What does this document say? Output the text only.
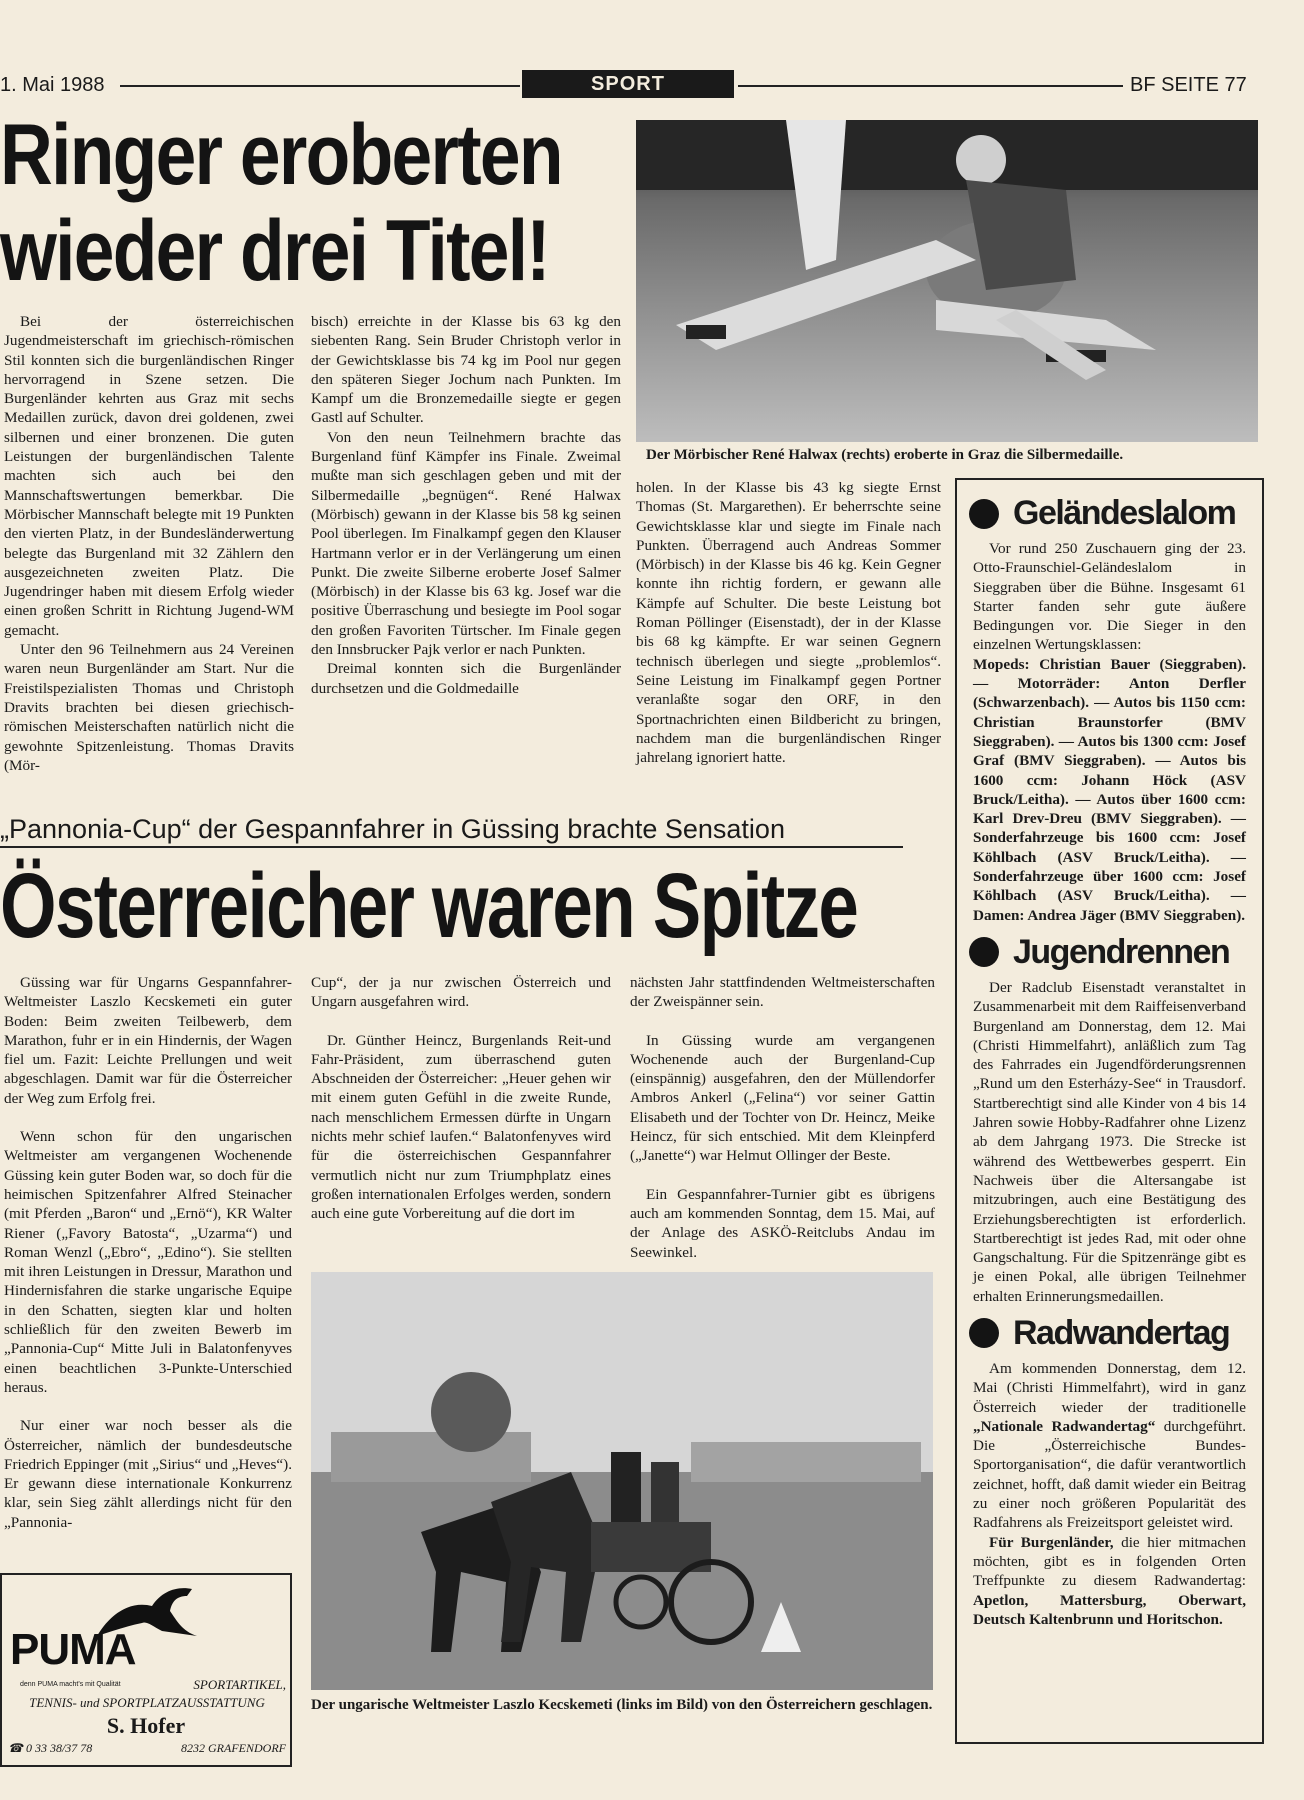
1. Mai 1988	SPORT	BF SEITE 77
Ringer eroberten
wieder drei Titel!

Bei der österreichischen Jugendmeisterschaft im griechisch-römischen Stil konnten sich die burgenländischen Ringer hervorragend in Szene setzen. Die Burgenländer kehrten aus Graz mit sechs Medaillen zurück, davon drei goldenen, zwei silbernen und einer bronzenen. Die guten Leistungen der burgenländischen Talente machten sich auch bei den Mannschaftswertungen bemerkbar. Die Mörbischer Mannschaft belegte mit 19 Punkten den vierten Platz, in der Bundesländerwertung belegte das Burgenland mit 32 Zählern den ausgezeichneten zweiten Platz. Die Jugendringer haben mit diesem Erfolg wieder einen großen Schritt in Richtung Jugend-WM gemacht.

Unter den 96 Teilnehmern aus 24 Vereinen waren neun Burgenländer am Start. Nur die Freistilspezialisten Thomas und Christoph Dravits brachten bei diesen griechisch-römischen Meisterschaften natürlich nicht die gewohnte Spitzenleistung. Thomas Dravits (Mör-

bisch) erreichte in der Klasse bis 63 kg den siebenten Rang. Sein Bruder Christoph verlor in der Gewichtsklasse bis 74 kg im Pool nur gegen den späteren Sieger Jochum nach Punkten. Im Kampf um die Bronzemedaille siegte er gegen Gastl auf Schulter.

Von den neun Teilnehmern brachte das Burgenland fünf Kämpfer ins Finale. Zweimal mußte man sich geschlagen geben und mit der Silbermedaille „begnügen“. René Halwax (Mörbisch) gewann in der Klasse bis 58 kg seinen Pool überlegen. Im Finalkampf gegen den Klauser Hartmann verlor er in der Verlängerung um einen Punkt. Die zweite Silberne eroberte Josef Salmer (Mörbisch) in der Klasse bis 63 kg. Josef war die positive Überraschung und besiegte im Pool sogar den großen Favoriten Türtscher. Im Finale gegen den Innsbrucker Pajk verlor er nach Punkten.

Dreimal konnten sich die Burgenländer durchsetzen und die Goldmedaille

holen. In der Klasse bis 43 kg siegte Ernst Thomas (St. Margarethen). Er beherrschte seine Gewichtsklasse klar und siegte im Finale nach Punkten. Überragend auch Andreas Sommer (Mörbisch) in der Klasse bis 46 kg. Kein Gegner konnte ihn richtig fordern, er gewann alle Kämpfe auf Schulter. Die beste Leistung bot Roman Pöllinger (Eisenstadt), der in der Klasse bis 68 kg kämpfte. Er war seinen Gegnern technisch überlegen und siegte „problemlos“. Seine Leistung im Finalkampf gegen Portner veranlaßte sogar den ORF, in den Sportnachrichten einen Bildbericht zu bringen, nachdem man die burgenländischen Ringer jahrelang ignoriert hatte.

Der Mörbischer René Halwax (rechts) eroberte in Graz die Silbermedaille.
„Pannonia-Cup“ der Gespannfahrer in Güssing brachte Sensation
Österreicher waren Spitze

Güssing war für Ungarns Gespannfahrer-Weltmeister Laszlo Kecskemeti ein guter Boden: Beim zweiten Teilbewerb, dem Marathon, fuhr er in ein Hindernis, der Wagen fiel um. Fazit: Leichte Prellungen und weit abgeschlagen. Damit war für die Österreicher der Weg zum Erfolg frei.

Wenn schon für den ungarischen Weltmeister am vergangenen Wochenende Güssing kein guter Boden war, so doch für die heimischen Spitzenfahrer Alfred Steinacher (mit Pferden „Baron“ und „Ernö“), KR Walter Riener („Favory Batosta“, „Uzarma“) und Roman Wenzl („Ebro“, „Edino“). Sie stellten mit ihren Leistungen in Dressur, Marathon und Hindernisfahren die starke ungarische Equipe in den Schatten, siegten klar und holten schließlich für den zweiten Bewerb im „Pannonia-Cup“ Mitte Juli in Balatonfenyves einen beachtlichen 3-Punkte-Unterschied heraus.

Nur einer war noch besser als die Österreicher, nämlich der bundesdeutsche Friedrich Eppinger (mit „Sirius“ und „Heves“). Er gewann diese internationale Konkurrenz klar, sein Sieg zählt allerdings nicht für den „Pannonia-

Cup“, der ja nur zwischen Österreich und Ungarn ausgefahren wird.

Dr. Günther Heincz, Burgenlands Reit-und Fahr-Präsident, zum überraschend guten Abschneiden der Österreicher: „Heuer gehen wir mit einem guten Gefühl in die zweite Runde, nach menschlichem Ermessen dürfte in Ungarn nichts mehr schief laufen.“ Balatonfenyves wird für die österreichischen Gespannfahrer vermutlich nicht nur zum Triumphplatz eines großen internationalen Erfolges werden, sondern auch eine gute Vorbereitung auf die dort im

nächsten Jahr stattfindenden Weltmeisterschaften der Zweispänner sein.

In Güssing wurde am vergangenen Wochenende auch der Burgenland-Cup (einspännig) ausgefahren, den der Müllendorfer Ambros Ankerl („Felina“) vor seiner Gattin Elisabeth und der Tochter von Dr. Heincz, Meike Heincz, für sich entschied. Mit dem Kleinpferd („Janette“) war Helmut Ollinger der Beste.

Ein Gespannfahrer-Turnier gibt es übrigens auch am kommenden Sonntag, dem 15. Mai, auf der Anlage des ASKÖ-Reitclubs Andau im Seewinkel.

Der ungarische Weltmeister Laszlo Kecskemeti (links im Bild) von den Österreichern geschlagen.
PUMA
denn PUMA macht's mit Qualität	SPORTARTIKEL,
TENNIS- und SPORTPLATZAUSSTATTUNG
S. Hofer
☎ 0 33 38/37 78	8232 GRAFENDORF
Geländeslalom

Vor rund 250 Zuschauern ging der 23. Otto-Fraunschiel-Geländeslalom in Sieggraben über die Bühne. Insgesamt 61 Starter fanden sehr gute äußere Bedingungen vor. Die Sieger in den einzelnen Wertungsklassen:

Mopeds: Christian Bauer (Sieggraben). — Motorräder: Anton Derfler (Schwarzenbach). — Autos bis 1150 ccm: Christian Braunstorfer (BMV Sieggraben). — Autos bis 1300 ccm: Josef Graf (BMV Sieggraben). — Autos bis 1600 ccm: Johann Höck (ASV Bruck/Leitha). — Autos über 1600 ccm: Karl Drev-Dreu (BMV Sieggraben). — Sonderfahrzeuge bis 1600 ccm: Josef Köhlbach (ASV Bruck/Leitha). — Sonderfahrzeuge über 1600 ccm: Josef Köhlbach (ASV Bruck/Leitha). — Damen: Andrea Jäger (BMV Sieggraben).

Jugendrennen

Der Radclub Eisenstadt veranstaltet in Zusammenarbeit mit dem Raiffeisenverband Burgenland am Donnerstag, dem 12. Mai (Christi Himmelfahrt), anläßlich zum Tag des Fahrrades ein Jugendförderungsrennen „Rund um den Esterházy-See“ in Trausdorf. Startberechtigt sind alle Kinder von 4 bis 14 Jahren sowie Hobby-Radfahrer ohne Lizenz ab dem Jahrgang 1973. Die Strecke ist während des Wettbewerbes gesperrt. Ein Nachweis über die Altersangabe ist mitzubringen, auch eine Bestätigung des Erziehungsberechtigten ist erforderlich. Startberechtigt ist jedes Rad, mit oder ohne Gangschaltung. Für die Spitzenränge gibt es je einen Pokal, alle übrigen Teilnehmer erhalten Erinnerungsmedaillen.

Radwandertag

Am kommenden Donnerstag, dem 12. Mai (Christi Himmelfahrt), wird in ganz Österreich wieder der traditionelle „Nationale Radwandertag“ durchgeführt. Die „Österreichische Bundes-Sportorganisation“, die dafür verantwortlich zeichnet, hofft, daß damit wieder ein Beitrag zu einer noch größeren Popularität des Radfahrens als Freizeitsport geleistet wird.

Für Burgenländer, die hier mitmachen möchten, gibt es in folgenden Orten Treffpunkte zu diesem Radwandertag: Apetlon, Mattersburg, Oberwart, Deutsch Kaltenbrunn und Horitschon.
